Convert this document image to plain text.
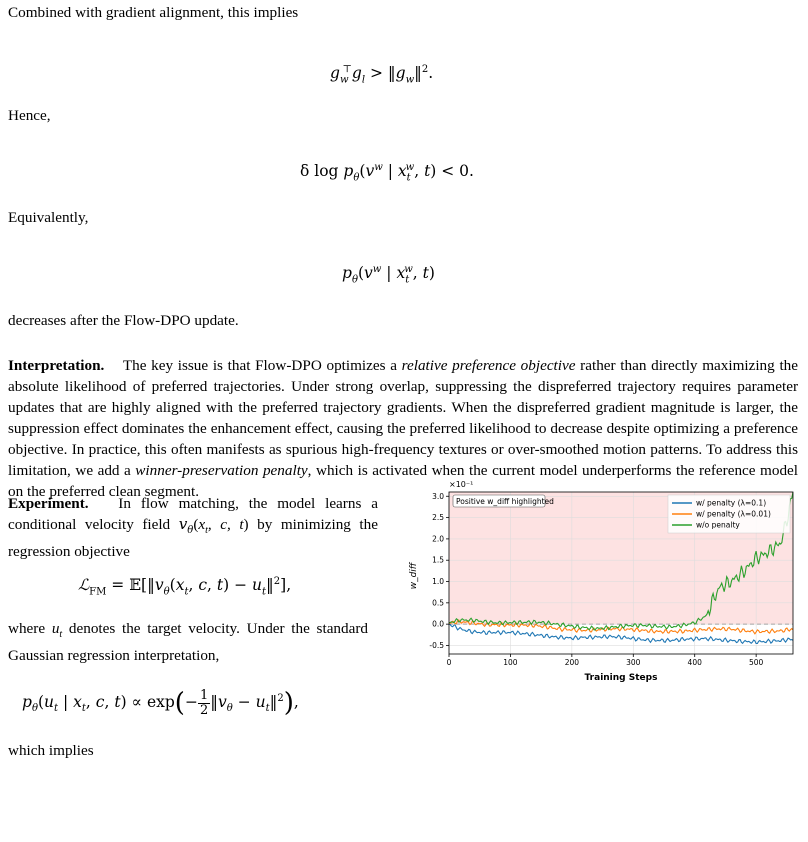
Combined with gradient alignment, this implies
$g_w^⊤g_l$ > $‖g_w‖^2$.
Hence,
δ $\log p_\theta(v^w$ | $x_t^w$, t) < 0.
Equivalently,
$p_\theta(v^w$ | $x_t^w$, t)
decreases after the Flow-DPO update.
Interpretation. The key issue is that Flow-DPO optimizes a relative preference objective rather than directly maximizing the absolute likelihood of preferred trajectories. Under strong overlap, suppressing the dispreferred trajectory requires parameter updates that are highly aligned with the preferred trajectory gradients. When the dispreferred gradient magnitude is larger, the suppression effect dominates the enhancement effect, causing the preferred likelihood to decrease despite optimizing a preference objective. In practice, this often manifests as spurious high-frequency textures or over-smoothed motion patterns. To address this limitation, we add a winner-preservation penalty, which is activated when the current model underperforms the reference model on the preferred clean segment.
Experiment. In flow matching, the model learns a conditional velocity field $v_\theta(x_t$, c, t) by minimizing the regression objective
ℒ$_{FM}$ = $𝔼[‖v_\theta(x_t$, c, $t) - u_t‖^2$],
where $u_t$ denotes the target velocity. Under the standard Gaussian regression interpretation,
$p_\theta(u_t$ | $x_t$, c, t) ∝ exp(− 1
2 $‖v_\theta$ − $u_t‖^2$),
which implies
0	100	200	300	400	500
-0.5
0.0
0.5
1.0
1.5
2.0
2.5
3.0
×10⁻¹
Positive w_diff highlighted	w/ penalty (λ=0.1)
w/ penalty (λ=0.01)
w/o penalty
Training Steps
w_diff
